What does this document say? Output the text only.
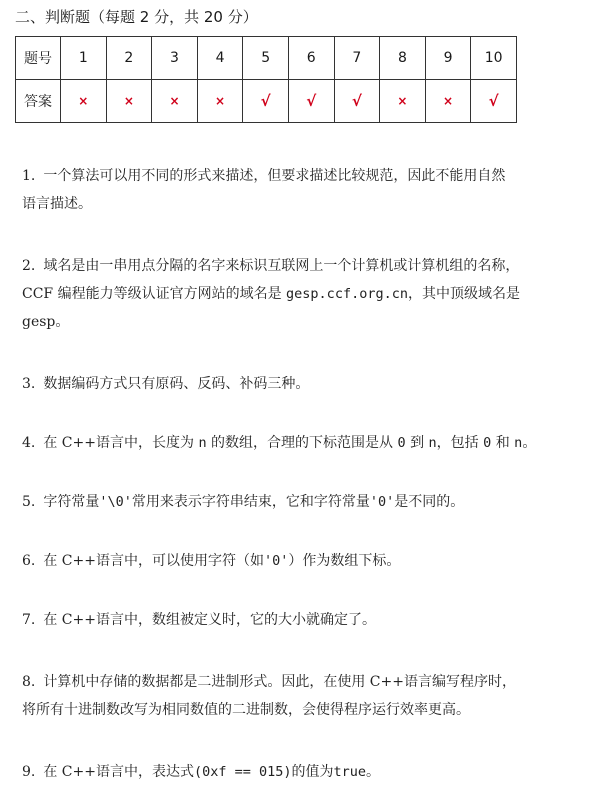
二、判断题（每题 2 分，共 20 分）
题号	1	2	3	4	5	6	7	8	9	10
答案	×	×	×	×	√	√	√	×	×	√
1. 一个算法可以用不同的形式来描述，但要求描述比较规范，因此不能用自然
语言描述。
2. 域名是由一串用点分隔的名字来标识互联网上一个计算机或计算机组的名称，
CCF 编程能力等级认证官方网站的域名是 gesp.ccf.org.cn，其中顶级域名是
gesp。
3. 数据编码方式只有原码、反码、补码三种。
4. 在 C++语言中，长度为 n 的数组，合理的下标范围是从 0 到 n，包括 0 和 n。
5. 字符常量'\0'常用来表示字符串结束，它和字符常量'0'是不同的。
6. 在 C++语言中，可以使用字符（如'0'）作为数组下标。
7. 在 C++语言中，数组被定义时，它的大小就确定了。
8. 计算机中存储的数据都是二进制形式。因此，在使用 C++语言编写程序时，
将所有十进制数改写为相同数值的二进制数，会使得程序运行效率更高。
9. 在 C++语言中，表达式(0xf == 015)的值为true。
